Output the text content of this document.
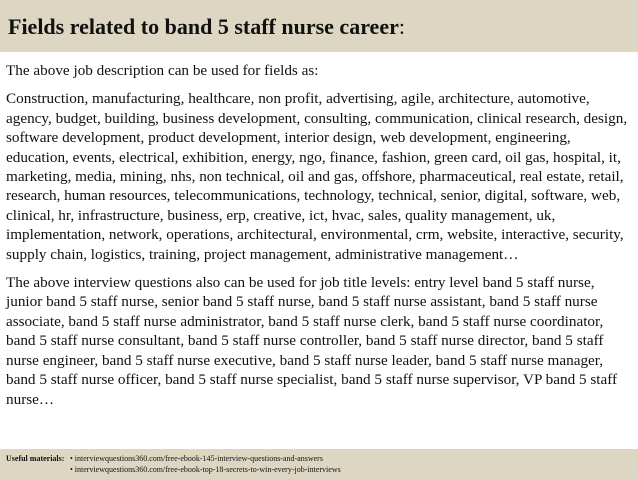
Fields related to band 5 staff nurse career:

The above job description can be used for fields as:

Construction, manufacturing, healthcare, non profit, advertising, agile, architecture, automotive, agency, budget, building, business development, consulting, communication, clinical research, design, software development, product development, interior design, web development, engineering, education, events, electrical, exhibition, energy, ngo, finance, fashion, green card, oil gas, hospital, it, marketing, media, mining, nhs, non technical, oil and gas, offshore, pharmaceutical, real estate, retail, research, human resources, telecommunications, technology, technical, senior, digital, software, web, clinical, hr, infrastructure, business, erp, creative, ict, hvac, sales, quality management, uk, implementation, network, operations, architectural, environmental, crm, website, interactive, security, supply chain, logistics, training, project management, administrative management…

The above interview questions also can be used for job title levels: entry level band 5 staff nurse, junior band 5 staff nurse, senior band 5 staff nurse, band 5 staff nurse assistant, band 5 staff nurse associate, band 5 staff nurse administrator, band 5 staff nurse clerk, band 5 staff nurse coordinator, band 5 staff nurse consultant, band 5 staff nurse controller, band 5 staff nurse director, band 5 staff nurse engineer, band 5 staff nurse executive, band 5 staff nurse leader, band 5 staff nurse manager, band 5 staff nurse officer, band 5 staff nurse specialist, band 5 staff nurse supervisor, VP band 5 staff nurse…

Useful materials: • interviewquestions360.com/free-ebook-145-interview-questions-and-answers
• interviewquestions360.com/free-ebook-top-18-secrets-to-win-every-job-interviews
